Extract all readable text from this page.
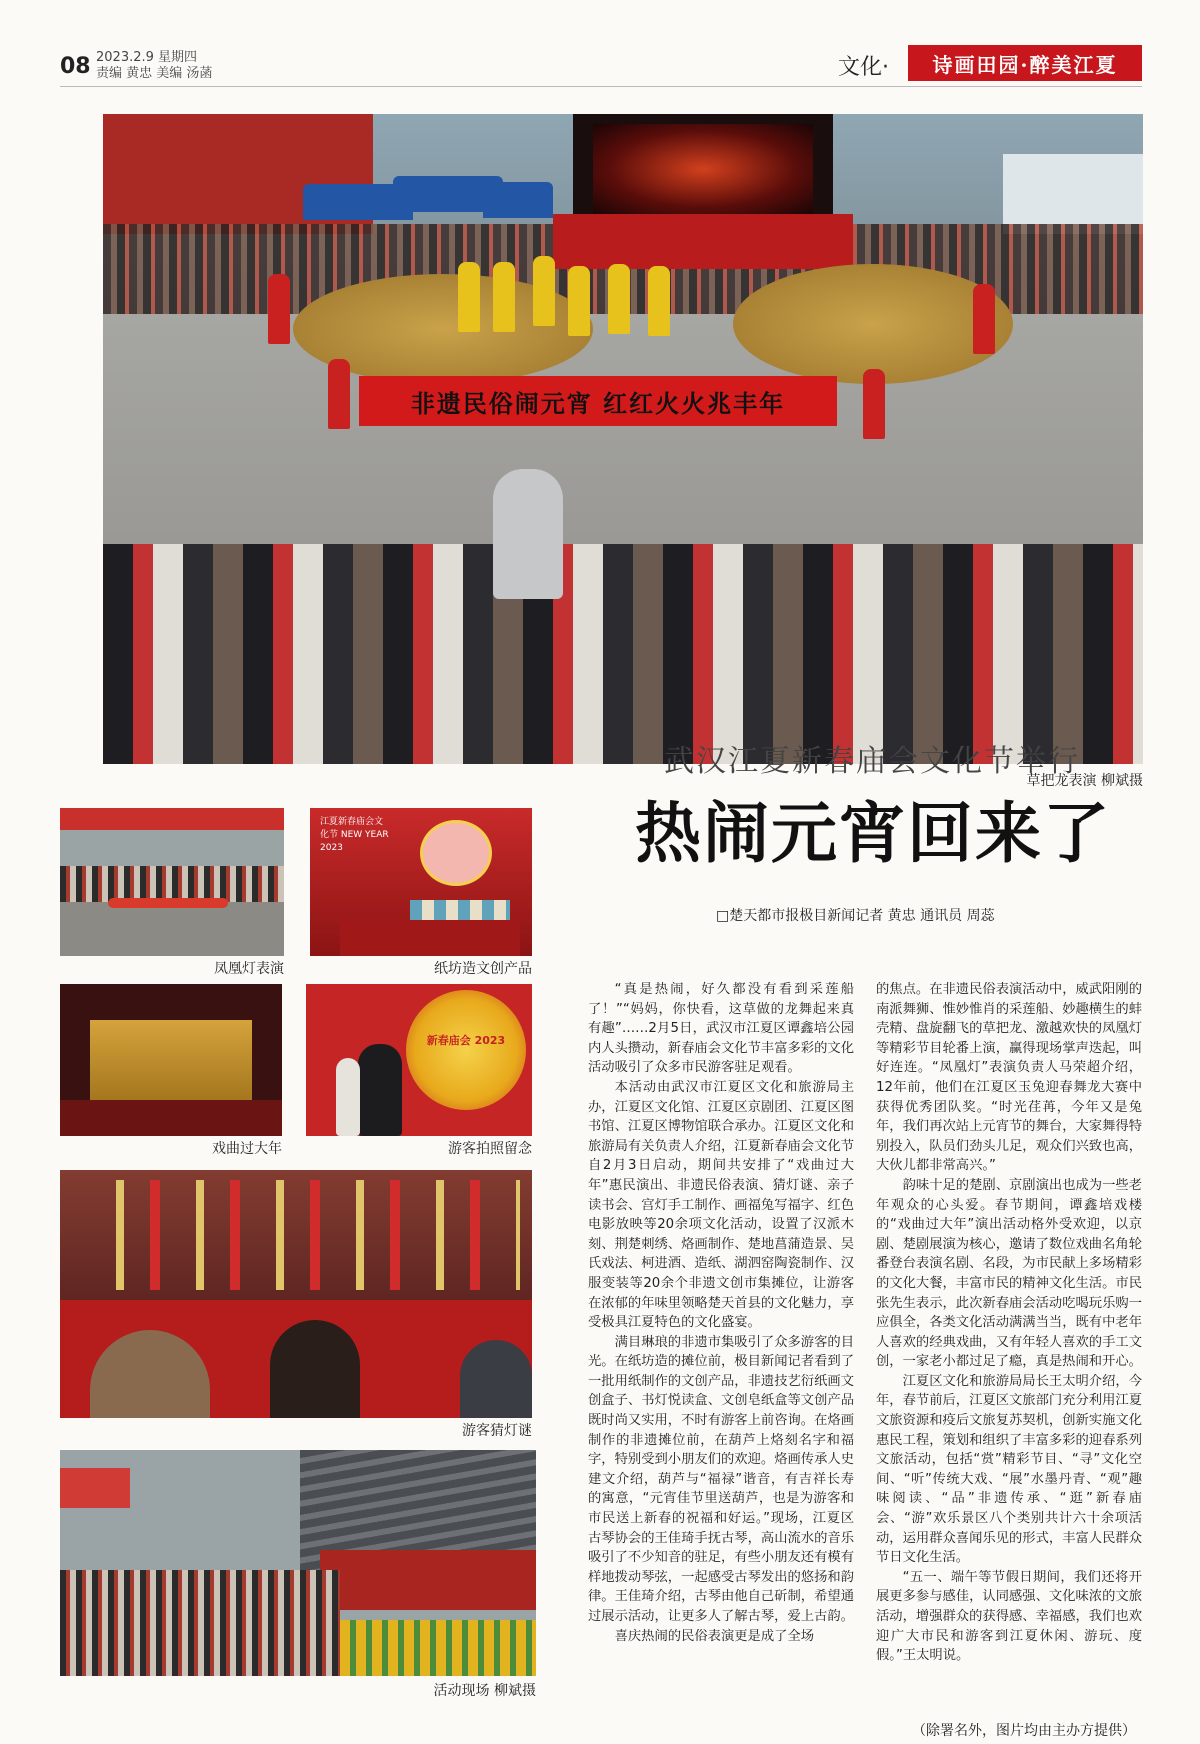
08 2023.2.9 星期四
责编 黄忠 美编 汤菡	文化·	诗画田园·醉美江夏
非遗民俗闹元宵 红红火火兆丰年
草把龙表演 柳斌摄
凤凰灯表演
江夏新春庙会文化节 NEW YEAR 2023
纸坊造文创产品
戏曲过大年
新春庙会 2023
游客拍照留念
游客猜灯谜
活动现场 柳斌摄
武汉江夏新春庙会文化节举行
热闹元宵回来了
□楚天都市报极目新闻记者 黄忠 通讯员 周蕊

“真是热闹，好久都没有看到采莲船了！”“妈妈，你快看，这草做的龙舞起来真有趣”……2月5日，武汉市江夏区谭鑫培公园内人头攒动，新春庙会文化节丰富多彩的文化活动吸引了众多市民游客驻足观看。

本活动由武汉市江夏区文化和旅游局主办，江夏区文化馆、江夏区京剧团、江夏区图书馆、江夏区博物馆联合承办。江夏区文化和旅游局有关负责人介绍，江夏新春庙会文化节自2月3日启动，期间共安排了“戏曲过大年”惠民演出、非遗民俗表演、猜灯谜、亲子读书会、宫灯手工制作、画福兔写福字、红色电影放映等20余项文化活动，设置了汉派木刻、荆楚刺绣、烙画制作、楚地菖蒲造景、吴氏戏法、柯进酒、造纸、湖泗窑陶瓷制作、汉服变装等20余个非遗文创市集摊位，让游客在浓郁的年味里领略楚天首县的文化魅力，享受极具江夏特色的文化盛宴。

满目琳琅的非遗市集吸引了众多游客的目光。在纸坊造的摊位前，极目新闻记者看到了一批用纸制作的文创产品，非遗技艺衍纸画文创盒子、书灯悦读盒、文创皂纸盒等文创产品既时尚又实用，不时有游客上前咨询。在烙画制作的非遗摊位前，在葫芦上烙刻名字和福字，特别受到小朋友们的欢迎。烙画传承人史建文介绍，葫芦与“福禄”谐音，有吉祥长寿的寓意，“元宵佳节里送葫芦，也是为游客和市民送上新春的祝福和好运。”现场，江夏区古琴协会的王佳琦手抚古琴，高山流水的音乐吸引了不少知音的驻足，有些小朋友还有模有样地拨动琴弦，一起感受古琴发出的悠扬和韵律。王佳琦介绍，古琴由他自己斫制，希望通过展示活动，让更多人了解古琴，爱上古韵。

喜庆热闹的民俗表演更是成了全场

的焦点。在非遗民俗表演活动中，威武阳刚的南派舞狮、惟妙惟肖的采莲船、妙趣横生的蚌壳精、盘旋翻飞的草把龙、激越欢快的凤凰灯等精彩节目轮番上演，赢得现场掌声迭起，叫好连连。“凤凰灯”表演负责人马荣超介绍，12年前，他们在江夏区玉兔迎春舞龙大赛中获得优秀团队奖。“时光荏苒，今年又是兔年，我们再次站上元宵节的舞台，大家舞得特别投入，队员们劲头儿足，观众们兴致也高，大伙儿都非常高兴。”

韵味十足的楚剧、京剧演出也成为一些老年观众的心头爱。春节期间，谭鑫培戏楼的“戏曲过大年”演出活动格外受欢迎，以京剧、楚剧展演为核心，邀请了数位戏曲名角轮番登台表演名剧、名段，为市民献上多场精彩的文化大餐，丰富市民的精神文化生活。市民张先生表示，此次新春庙会活动吃喝玩乐购一应俱全，各类文化活动满满当当，既有中老年人喜欢的经典戏曲，又有年轻人喜欢的手工文创，一家老小都过足了瘾，真是热闹和开心。

江夏区文化和旅游局局长王太明介绍，今年，春节前后，江夏区文旅部门充分利用江夏文旅资源和疫后文旅复苏契机，创新实施文化惠民工程，策划和组织了丰富多彩的迎春系列文旅活动，包括“赏”精彩节目、“寻”文化空间、“听”传统大戏、“展”水墨丹青、“观”趣味阅读、“品”非遗传承、“逛”新春庙会、“游”欢乐景区八个类别共计六十余项活动，运用群众喜闻乐见的形式，丰富人民群众节日文化生活。

“五一、端午等节假日期间，我们还将开展更多参与感佳，认同感强、文化味浓的文旅活动，增强群众的获得感、幸福感，我们也欢迎广大市民和游客到江夏休闲、游玩、度假。”王太明说。

（除署名外，图片均由主办方提供）
